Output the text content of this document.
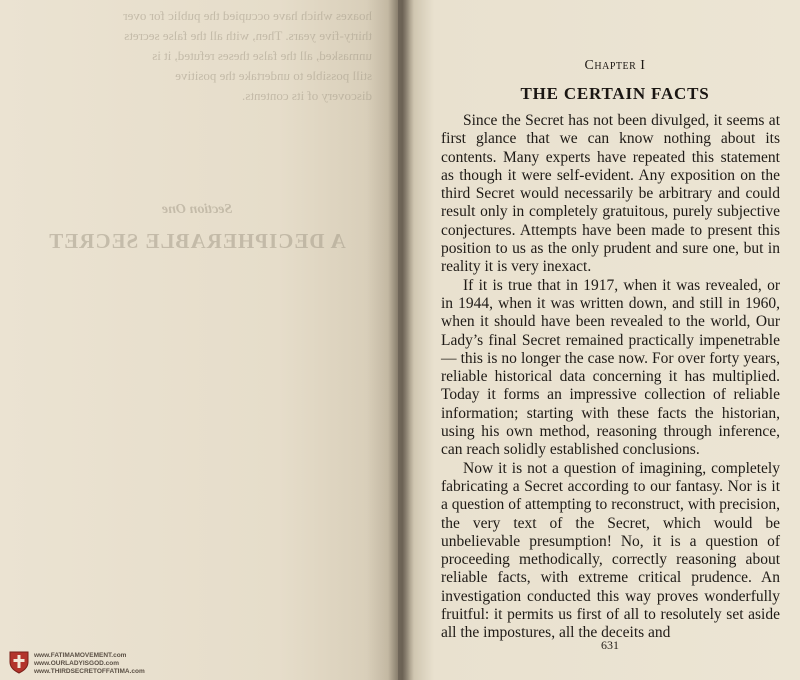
hoaxes which have occupied the public for over
thirty-five years. Then, with all the false secrets
unmasked, all the false theses refuted, it is
still possible to undertake the positive
discovery of its contents.
Section One
A DECIPHERABLE SECRET
Chapter I
THE CERTAIN FACTS

Since the Secret has not been divulged, it seems at first glance that we can know nothing about its contents. Many experts have repeated this statement as though it were self-evident. Any exposition on the third Secret would necessarily be arbitrary and could result only in completely gratuitous, purely subjective conjectures. Attempts have been made to present this position to us as the only prudent and sure one, but in reality it is very inexact.

If it is true that in 1917, when it was revealed, or in 1944, when it was written down, and still in 1960, when it should have been revealed to the world, Our Lady’s final Secret remained practically impenetrable — this is no longer the case now. For over forty years, reliable historical data concerning it has multiplied. Today it forms an impressive collection of reliable information; starting with these facts the historian, using his own method, reasoning through inference, can reach solidly established conclusions.

Now it is not a question of imagining, completely fabricating a Secret according to our fantasy. Nor is it a question of attempting to reconstruct, with precision, the very text of the Secret, which would be unbelievable presumption! No, it is a question of proceeding methodically, correctly reasoning about reliable facts, with extreme critical prudence. An investigation conducted this way proves wonderfully fruitful: it permits us first of all to resolutely set aside all the impostures, all the deceits and

631
www.FATIMAMOVEMENT.com
www.OURLADYISGOD.com
www.THIRDSECRETOFFATIMA.com
